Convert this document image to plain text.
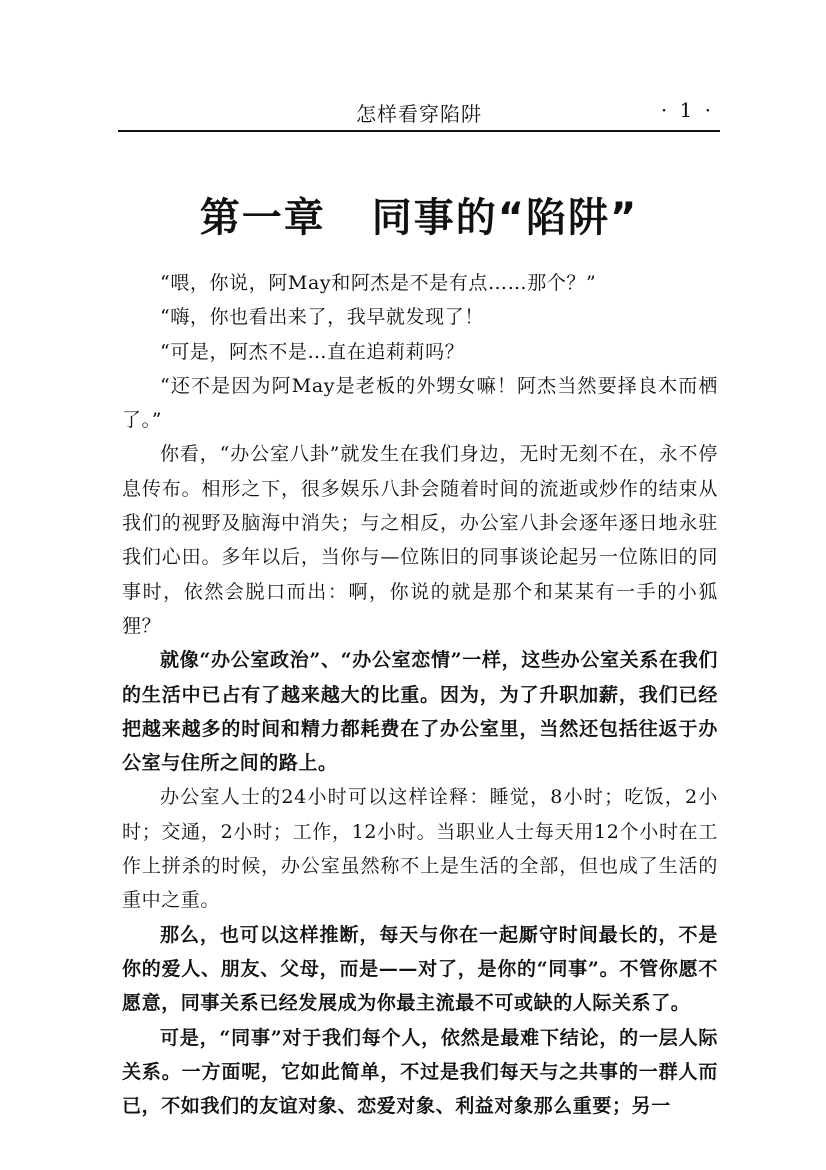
怎样看穿陷阱	· 1 ·
第一章 同事的“陷阱”

“喂，你说，阿May和阿杰是不是有点……那个？”

“嗨，你也看出来了，我早就发现了！

“可是，阿杰不是…直在追莉莉吗？

“还不是因为阿May是老板的外甥女嘛！阿杰当然要择良木而栖了。”

你看，“办公室八卦”就发生在我们身边，无时无刻不在，永不停息传布。相形之下，很多娱乐八卦会随着时间的流逝或炒作的结束从我们的视野及脑海中消失；与之相反，办公室八卦会逐年逐日地永驻我们心田。多年以后，当你与—位陈旧的同事谈论起另一位陈旧的同事时，依然会脱口而出：啊，你说的就是那个和某某有一手的小狐狸？

就像“办公室政治”、“办公室恋情”一样，这些办公室关系在我们的生活中已占有了越来越大的比重。因为，为了升职加薪，我们已经把越来越多的时间和精力都耗费在了办公室里，当然还包括往返于办公室与住所之间的路上。

办公室人士的24小时可以这样诠释：睡觉，8小时；吃饭，2小时；交通，2小时；工作，12小时。当职业人士每天用12个小时在工作上拼杀的时候，办公室虽然称不上是生活的全部，但也成了生活的重中之重。

那么，也可以这样推断，每天与你在一起厮守时间最长的，不是你的爱人、朋友、父母，而是——对了，是你的“同事”。不管你愿不愿意，同事关系已经发展成为你最主流最不可或缺的人际关系了。

可是，“同事”对于我们每个人，依然是最难下结论，的一层人际关系。一方面呢，它如此简单，不过是我们每天与之共事的一群人而已，不如我们的友谊对象、恋爱对象、利益对象那么重要；另一
